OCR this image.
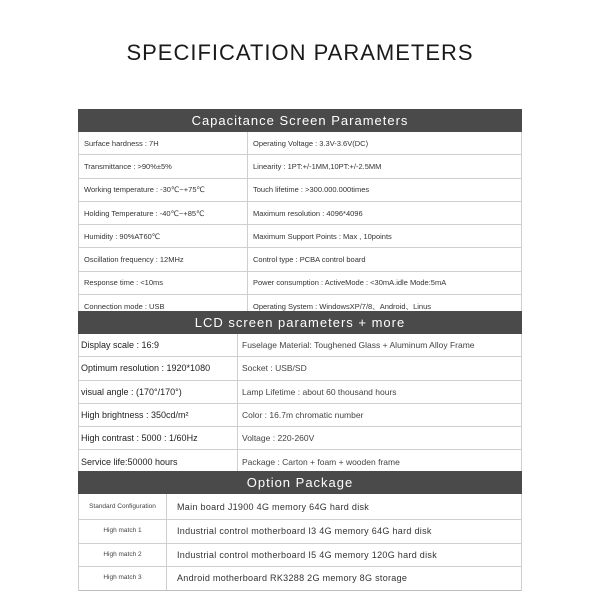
SPECIFICATION PARAMETERS
Capacitance Screen Parameters
Surface hardness : 7H	Operating Voltage : 3.3V-3.6V(DC)
Transmittance : >90%±5%	Linearity : 1PT:+/-1MM,10PT:+/-2.5MM
Working temperature : -30℃~+75℃	Touch lifetime : >300.000.000times
Holding Temperature : -40℃~+85℃	Maximum resolution : 4096*4096
Humidity : 90%AT60℃	Maximum Support Points : Max , 10points
Oscillation frequency : 12MHz	Control type : PCBA control board
Response time : <10ms	Power consumption : ActiveMode : <30mA.idle Mode:5mA
Connection mode : USB	Operating System : WindowsXP/7/8、Android、Linus
LCD screen parameters + more
Display scale : 16:9	Fuselage Material: Toughened Glass + Aluminum Alloy Frame
Optimum resolution : 1920*1080	Socket : USB/SD
visual angle : (170°/170°)	Lamp Lifetime : about 60 thousand hours
High brightness : 350cd/m²	Color : 16.7m chromatic number
High contrast : 5000 : 1/60Hz	Voltage : 220-260V
Service life:50000 hours	Package : Carton + foam + wooden frame
Option Package
Standard Configuration	Main board J1900 4G memory 64G hard disk
High match 1	Industrial control motherboard I3 4G memory 64G hard disk
High match 2	Industrial control motherboard I5 4G memory 120G hard disk
High match 3	Android motherboard RK3288 2G memory 8G storage
